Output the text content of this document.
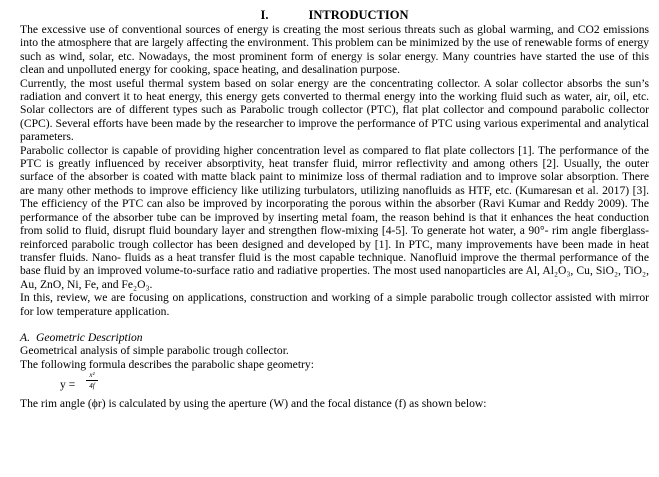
I.	INTRODUCTION

The excessive use of conventional sources of energy is creating the most serious threats such as global warming, and CO2 emissions into the atmosphere that are largely affecting the environment. This problem can be minimized by the use of renewable forms of energy such as wind, solar, etc. Nowadays, the most prominent form of energy is solar energy. Many countries have started the use of this clean and unpolluted energy for cooking, space heating, and desalination purpose.

Currently, the most useful thermal system based on solar energy are the concentrating collector. A solar collector absorbs the sun’s radiation and convert it to heat energy, this energy gets converted to thermal energy into the working fluid such as water, air, oil, etc. Solar collectors are of different types such as Parabolic trough collector (PTC), flat plat collector and compound parabolic collector (CPC). Several efforts have been made by the researcher to improve the performance of PTC using various experimental and analytical parameters.

Parabolic collector is capable of providing higher concentration level as compared to flat plate collectors [1]. The performance of the PTC is greatly influenced by receiver absorptivity, heat transfer fluid, mirror reflectivity and among others [2]. Usually, the outer surface of the absorber is coated with matte black paint to minimize loss of thermal radiation and to improve solar absorption. There are many other methods to improve efficiency like utilizing turbulators, utilizing nanofluids as HTF, etc. (Kumaresan et al. 2017) [3]. The efficiency of the PTC can also be improved by incorporating the porous within the absorber (Ravi Kumar and Reddy 2009). The performance of the absorber tube can be improved by inserting metal foam, the reason behind is that it enhances the heat conduction from solid to fluid, disrupt fluid boundary layer and strengthen flow-mixing [4-5]. To generate hot water, a 90°- rim angle fiberglass- reinforced parabolic trough collector has been designed and developed by [1]. In PTC, many improvements have been made in heat transfer fluids. Nano- fluids as a heat transfer fluid is the most capable technique. Nanofluid improve the thermal performance of the base fluid by an improved volume-to-surface ratio and radiative properties. The most used nanoparticles are Al, Al₂O₃, Cu, SiO₂, TiO₂, Au, ZnO, Ni, Fe, and Fe₂O₃.

In this, review, we are focusing on applications, construction and working of a simple parabolic trough collector assisted with mirror for low temperature application.

A. Geometric Description

Geometrical analysis of simple parabolic trough collector.

The following formula describes the parabolic shape geometry:

y =
x²
4f

The rim angle (ϕr) is calculated by using the aperture (W) and the focal distance (f) as shown below:
